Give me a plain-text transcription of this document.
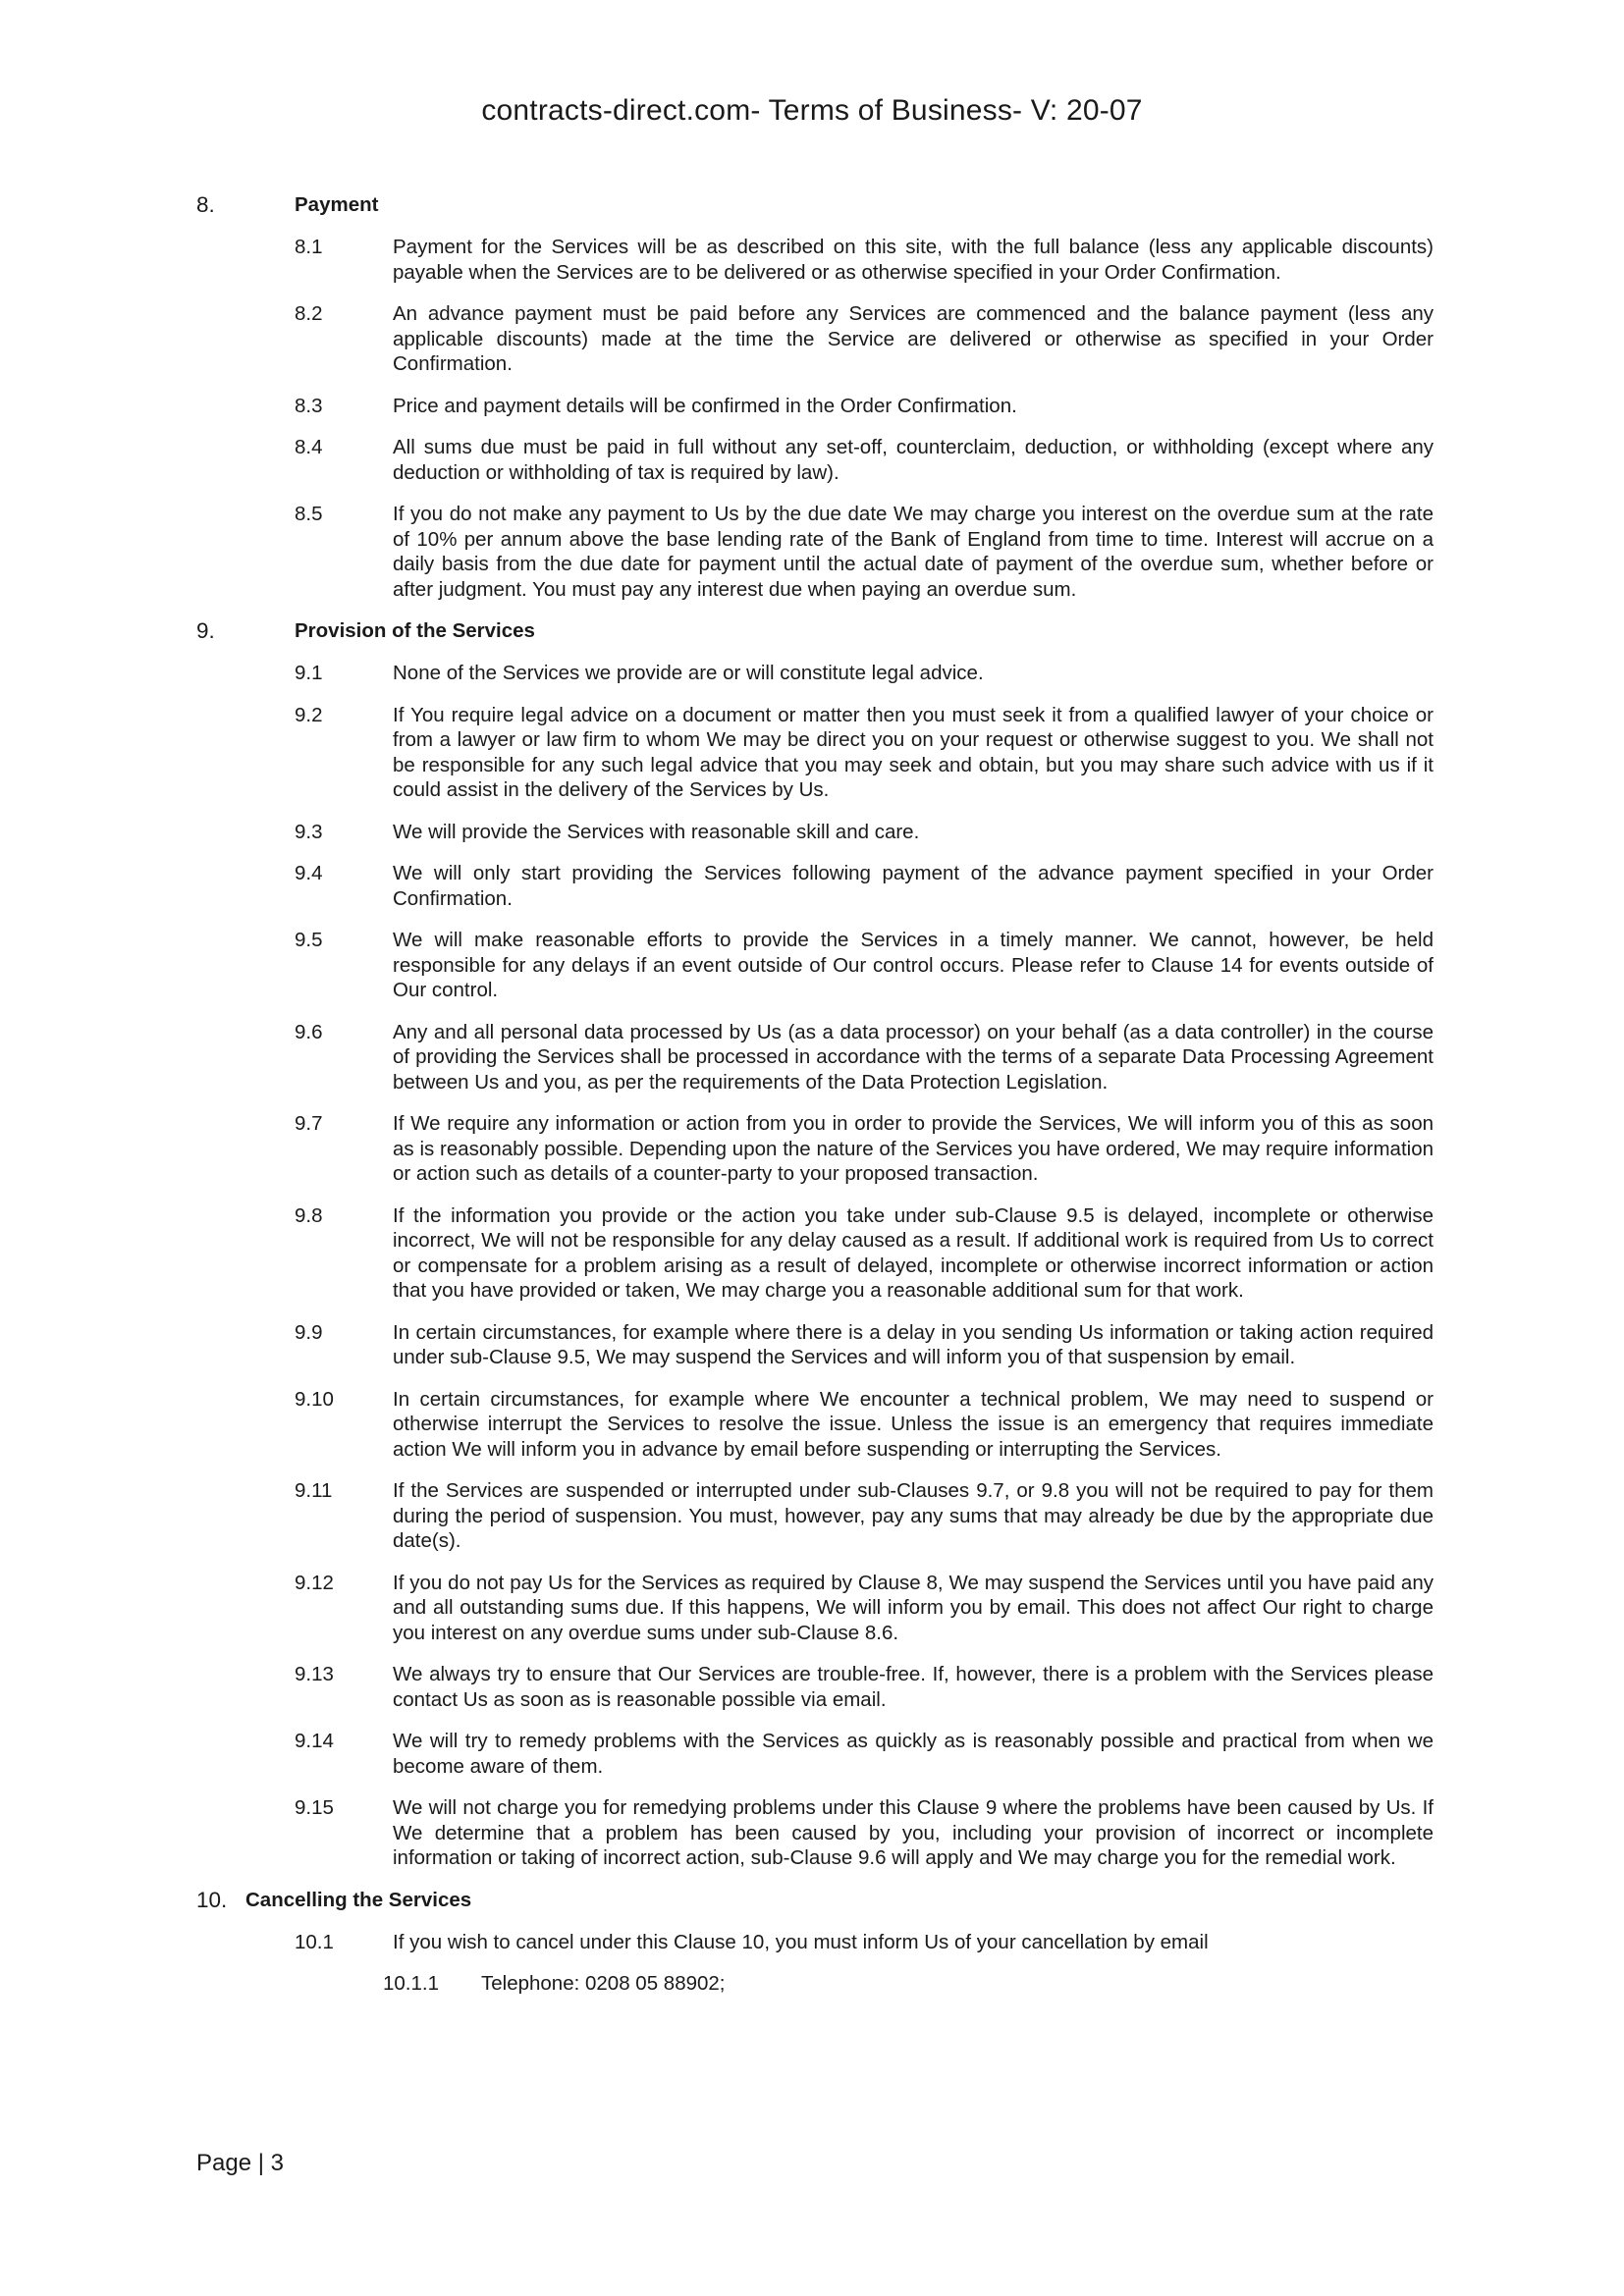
contracts-direct.com- Terms of Business- V: 20-07
8.	Payment
8.1	Payment for the Services will be as described on this site, with the full balance (less any applicable discounts) payable when the Services are to be delivered or as otherwise specified in your Order Confirmation.
8.2	An advance payment must be paid before any Services are commenced and the balance payment (less any applicable discounts) made at the time the Service are delivered or otherwise as specified in your Order Confirmation.
8.3	Price and payment details will be confirmed in the Order Confirmation.
8.4	All sums due must be paid in full without any set-off, counterclaim, deduction, or withholding (except where any deduction or withholding of tax is required by law).
8.5	If you do not make any payment to Us by the due date We may charge you interest on the overdue sum at the rate of 10% per annum above the base lending rate of the Bank of England from time to time. Interest will accrue on a daily basis from the due date for payment until the actual date of payment of the overdue sum, whether before or after judgment. You must pay any interest due when paying an overdue sum.
9.	Provision of the Services
9.1	None of the Services we provide are or will constitute legal advice.
9.2	If You require legal advice on a document or matter then you must seek it from a qualified lawyer of your choice or from a lawyer or law firm to whom We may be direct you on your request or otherwise suggest to you. We shall not be responsible for any such legal advice that you may seek and obtain, but you may share such advice with us if it could assist in the delivery of the Services by Us.
9.3	We will provide the Services with reasonable skill and care.
9.4	We will only start providing the Services following payment of the advance payment specified in your Order Confirmation.
9.5	We will make reasonable efforts to provide the Services in a timely manner. We cannot, however, be held responsible for any delays if an event outside of Our control occurs. Please refer to Clause 14 for events outside of Our control.
9.6	Any and all personal data processed by Us (as a data processor) on your behalf (as a data controller) in the course of providing the Services shall be processed in accordance with the terms of a separate Data Processing Agreement between Us and you, as per the requirements of the Data Protection Legislation.
9.7	If We require any information or action from you in order to provide the Services, We will inform you of this as soon as is reasonably possible. Depending upon the nature of the Services you have ordered, We may require information or action such as details of a counter-party to your proposed transaction.
9.8	If the information you provide or the action you take under sub-Clause 9.5 is delayed, incomplete or otherwise incorrect, We will not be responsible for any delay caused as a result. If additional work is required from Us to correct or compensate for a problem arising as a result of delayed, incomplete or otherwise incorrect information or action that you have provided or taken, We may charge you a reasonable additional sum for that work.
9.9	In certain circumstances, for example where there is a delay in you sending Us information or taking action required under sub-Clause 9.5, We may suspend the Services and will inform you of that suspension by email.
9.10	In certain circumstances, for example where We encounter a technical problem, We may need to suspend or otherwise interrupt the Services to resolve the issue. Unless the issue is an emergency that requires immediate action We will inform you in advance by email before suspending or interrupting the Services.
9.11	If the Services are suspended or interrupted under sub-Clauses 9.7, or 9.8 you will not be required to pay for them during the period of suspension. You must, however, pay any sums that may already be due by the appropriate due date(s).
9.12	If you do not pay Us for the Services as required by Clause 8, We may suspend the Services until you have paid any and all outstanding sums due. If this happens, We will inform you by email. This does not affect Our right to charge you interest on any overdue sums under sub-Clause 8.6.
9.13	We always try to ensure that Our Services are trouble-free. If, however, there is a problem with the Services please contact Us as soon as is reasonable possible via email.
9.14	We will try to remedy problems with the Services as quickly as is reasonably possible and practical from when we become aware of them.
9.15	We will not charge you for remedying problems under this Clause 9 where the problems have been caused by Us. If We determine that a problem has been caused by you, including your provision of incorrect or incomplete information or taking of incorrect action, sub-Clause 9.6 will apply and We may charge you for the remedial work.
10. Cancelling the Services
10.1	If you wish to cancel under this Clause 10, you must inform Us of your cancellation by email
10.1.1 Telephone: 0208 05 88902;
Page | 3
